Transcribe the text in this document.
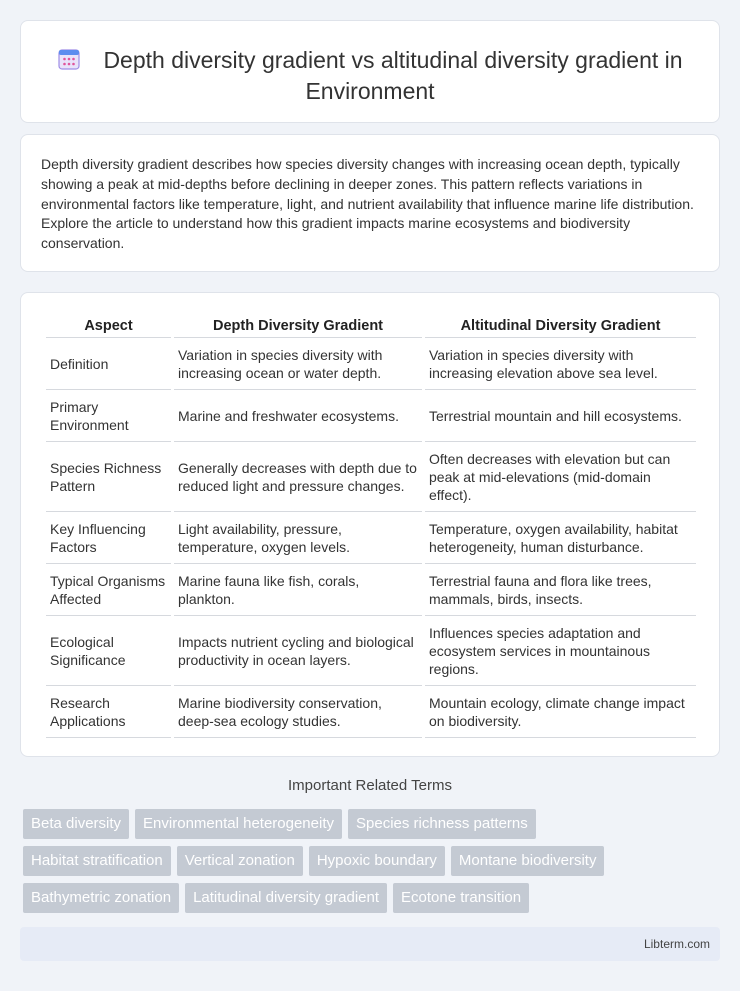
Depth diversity gradient vs altitudinal diversity gradient in Environment

Depth diversity gradient describes how species diversity changes with increasing ocean depth, typically showing a peak at mid-depths before declining in deeper zones. This pattern reflects variations in environmental factors like temperature, light, and nutrient availability that influence marine life distribution. Explore the article to understand how this gradient impacts marine ecosystems and biodiversity conservation.

Aspect	Depth Diversity Gradient	Altitudinal Diversity Gradient
Definition	Variation in species diversity with increasing ocean or water depth.	Variation in species diversity with increasing elevation above sea level.
Primary Environment	Marine and freshwater ecosystems.	Terrestrial mountain and hill ecosystems.
Species Richness Pattern	Generally decreases with depth due to reduced light and pressure changes.	Often decreases with elevation but can peak at mid-elevations (mid-domain effect).
Key Influencing Factors	Light availability, pressure, temperature, oxygen levels.	Temperature, oxygen availability, habitat heterogeneity, human disturbance.
Typical Organisms Affected	Marine fauna like fish, corals, plankton.	Terrestrial fauna and flora like trees, mammals, birds, insects.
Ecological Significance	Impacts nutrient cycling and biological productivity in ocean layers.	Influences species adaptation and ecosystem services in mountainous regions.
Research Applications	Marine biodiversity conservation, deep-sea ecology studies.	Mountain ecology, climate change impact on biodiversity.
Important Related Terms
Beta diversity	Environmental heterogeneity	Species richness patterns
Habitat stratification	Vertical zonation	Hypoxic boundary	Montane biodiversity
Bathymetric zonation	Latitudinal diversity gradient	Ecotone transition
Libterm.com
